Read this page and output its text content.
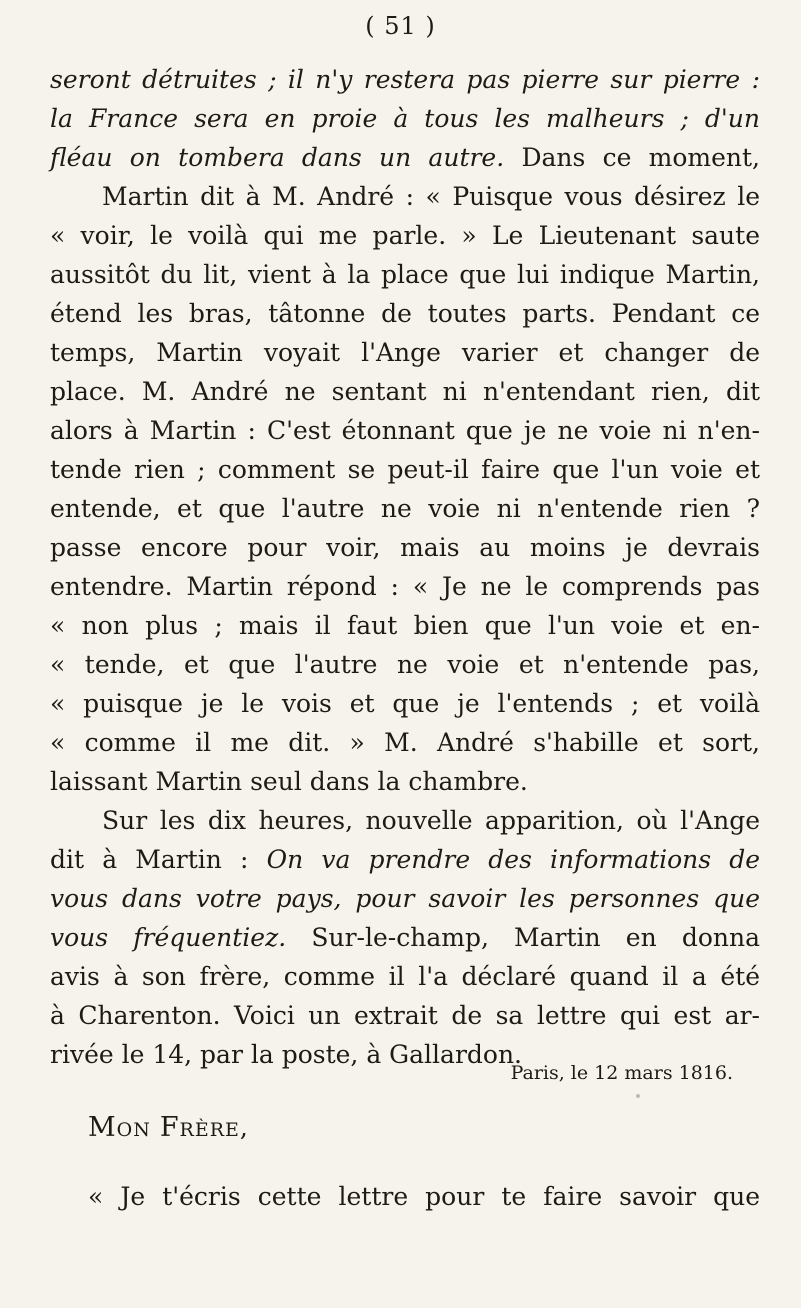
( 51 )
seront détruites ; il n'y restera pas pierre sur pierre :
la France sera en proie à tous les malheurs ; d'un
fléau on tombera dans un autre. Dans ce moment,
Martin dit à M. André : « Puisque vous désirez le
« voir, le voilà qui me parle. » Le Lieutenant saute
aussitôt du lit, vient à la place que lui indique Martin,
étend les bras, tâtonne de toutes parts. Pendant ce
temps, Martin voyait l'Ange varier et changer de
place. M. André ne sentant ni n'entendant rien, dit
alors à Martin : C'est étonnant que je ne voie ni n'en-
tende rien ; comment se peut-il faire que l'un voie et
entende, et que l'autre ne voie ni n'entende rien ?
passe encore pour voir, mais au moins je devrais
entendre. Martin répond : « Je ne le comprends pas
« non plus ; mais il faut bien que l'un voie et en-
« tende, et que l'autre ne voie et n'entende pas,
« puisque je le vois et que je l'entends ; et voilà
« comme il me dit. » M. André s'habille et sort,
laissant Martin seul dans la chambre.
Sur les dix heures, nouvelle apparition, où l'Ange
dit à Martin : On va prendre des informations de
vous dans votre pays, pour savoir les personnes que
vous fréquentiez. Sur-le-champ, Martin en donna
avis à son frère, comme il l'a déclaré quand il a été
à Charenton. Voici un extrait de sa lettre qui est ar-
rivée le 14, par la poste, à Gallardon.
Paris, le 12 mars 1816.
MON FRÈRE,
« Je t'écris cette lettre pour te faire savoir que
